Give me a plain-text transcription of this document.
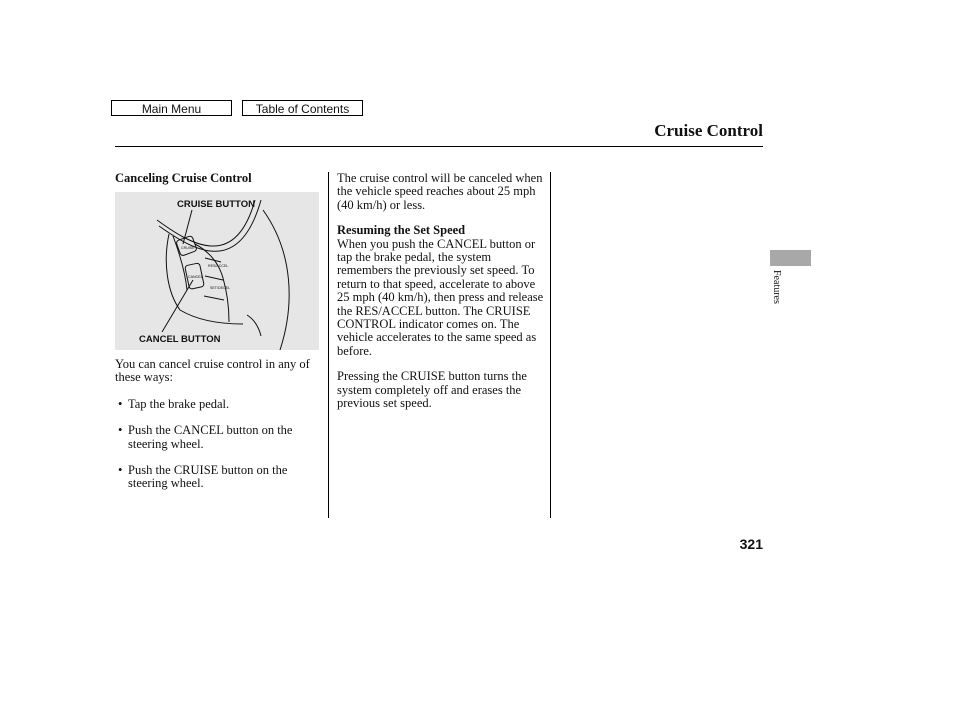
Main Menu	Table of Contents
Cruise Control

Canceling Cruise Control

CRUISE
RES/ACCEL
CANCEL
SET/DECEL
CRUISE BUTTON
CANCEL BUTTON

You can cancel cruise control in any of these ways:

• Tap the brake pedal.
• Push the CANCEL button on the steering wheel.
• Push the CRUISE button on the steering wheel.

The cruise control will be canceled when the vehicle speed reaches about 25 mph (40 km/h) or less.

Resuming the Set Speed

When you push the CANCEL button or tap the brake pedal, the system remembers the previously set speed. To return to that speed, accelerate to above 25 mph (40 km/h), then press and release the RES/ACCEL button. The CRUISE CONTROL indicator comes on. The vehicle accelerates to the same speed as before.

Pressing the CRUISE button turns the system completely off and erases the previous set speed.

Features
321
